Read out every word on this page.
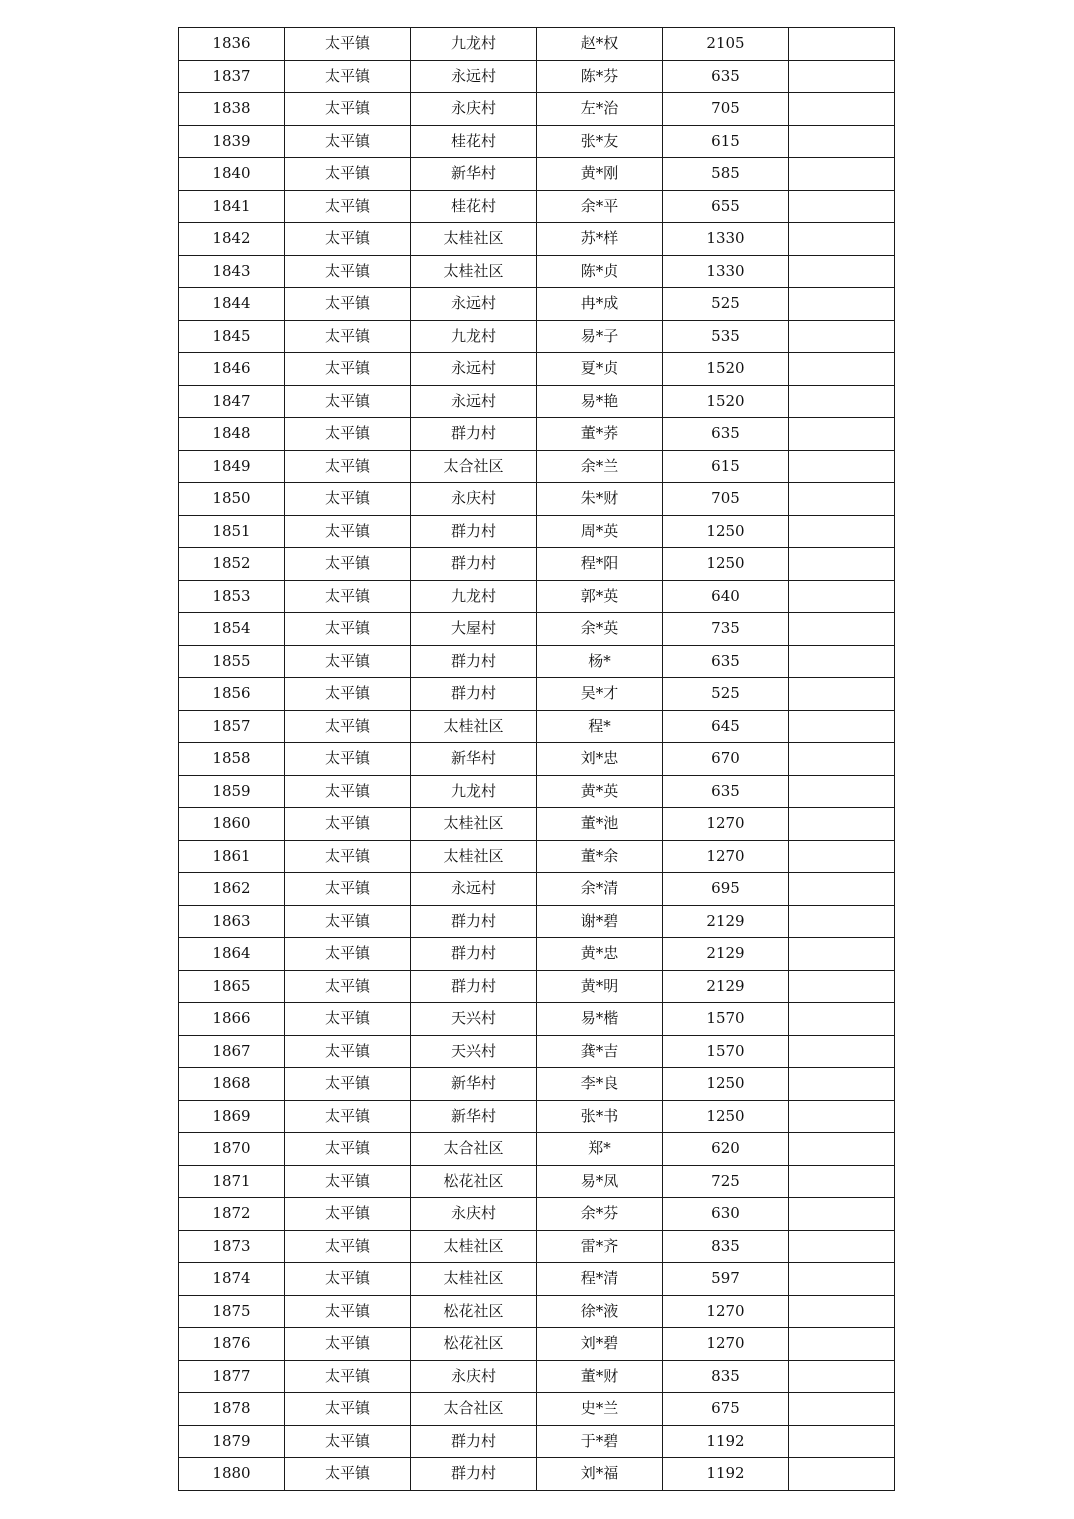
1836	太平镇	九龙村	赵*权	2105	
1837	太平镇	永远村	陈*芬	635	
1838	太平镇	永庆村	左*治	705	
1839	太平镇	桂花村	张*友	615	
1840	太平镇	新华村	黄*刚	585	
1841	太平镇	桂花村	余*平	655	
1842	太平镇	太桂社区	苏*样	1330	
1843	太平镇	太桂社区	陈*贞	1330	
1844	太平镇	永远村	冉*成	525	
1845	太平镇	九龙村	易*子	535	
1846	太平镇	永远村	夏*贞	1520	
1847	太平镇	永远村	易*艳	1520	
1848	太平镇	群力村	董*荞	635	
1849	太平镇	太合社区	余*兰	615	
1850	太平镇	永庆村	朱*财	705	
1851	太平镇	群力村	周*英	1250	
1852	太平镇	群力村	程*阳	1250	
1853	太平镇	九龙村	郭*英	640	
1854	太平镇	大屋村	余*英	735	
1855	太平镇	群力村	杨*	635	
1856	太平镇	群力村	吴*才	525	
1857	太平镇	太桂社区	程*	645	
1858	太平镇	新华村	刘*忠	670	
1859	太平镇	九龙村	黄*英	635	
1860	太平镇	太桂社区	董*池	1270	
1861	太平镇	太桂社区	董*余	1270	
1862	太平镇	永远村	余*清	695	
1863	太平镇	群力村	谢*碧	2129	
1864	太平镇	群力村	黄*忠	2129	
1865	太平镇	群力村	黄*明	2129	
1866	太平镇	天兴村	易*楷	1570	
1867	太平镇	天兴村	龚*吉	1570	
1868	太平镇	新华村	李*良	1250	
1869	太平镇	新华村	张*书	1250	
1870	太平镇	太合社区	郑*	620	
1871	太平镇	松花社区	易*凤	725	
1872	太平镇	永庆村	余*芬	630	
1873	太平镇	太桂社区	雷*齐	835	
1874	太平镇	太桂社区	程*清	597	
1875	太平镇	松花社区	徐*液	1270	
1876	太平镇	松花社区	刘*碧	1270	
1877	太平镇	永庆村	董*财	835	
1878	太平镇	太合社区	史*兰	675	
1879	太平镇	群力村	于*碧	1192	
1880	太平镇	群力村	刘*福	1192	
